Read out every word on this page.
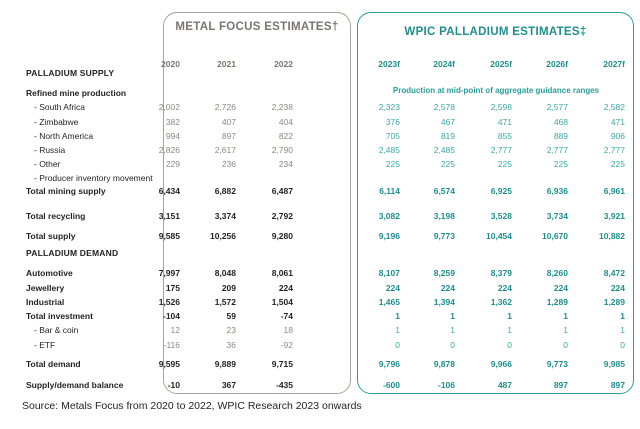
METAL FOCUS ESTIMATES†	WPIC PALLADIUM ESTIMATES‡
Production at mid-point of aggregate guidance ranges
2020	2021	2022	2023f	2024f	2025f	2026f	2027f
PALLADIUM SUPPLY
PALLADIUM DEMAND
Refined mine production
- South Africa	2,002	2,726	2,238	2,323	2,578	2,598	2,577	2,582
- Zimbabwe	382	407	404	376	467	471	468	471
- North America	994	897	822	705	819	855	889	906
- Russia	2,826	2,617	2,790	2,485	2,485	2,777	2,777	2,777
- Other	229	236	234	225	225	225	225	225
- Producer inventory movement
Total mining supply	6,434	6,882	6,487	6,114	6,574	6,925	6,936	6,961
Total recycling	3,151	3,374	2,792	3,082	3,198	3,528	3,734	3,921
Total supply	9,585	10,256	9,280	9,196	9,773	10,454	10,670	10,882
Automotive	7,997	8,048	8,061	8,107	8,259	8,379	8,260	8,472
Jewellery	175	209	224	224	224	224	224	224
Industrial	1,526	1,572	1,504	1,465	1,394	1,362	1,289	1,289
Total investment	-104	59	-74	1	1	1	1	1
- Bar & coin	12	23	18	1	1	1	1	1
- ETF	-116	36	-92	0	0	0	0	0
Total demand	9,595	9,889	9,715	9,796	9,878	9,966	9,773	9,985
Supply/demand balance	-10	367	-435	-600	-106	487	897	897
Source: Metals Focus from 2020 to 2022, WPIC Research 2023 onwards
